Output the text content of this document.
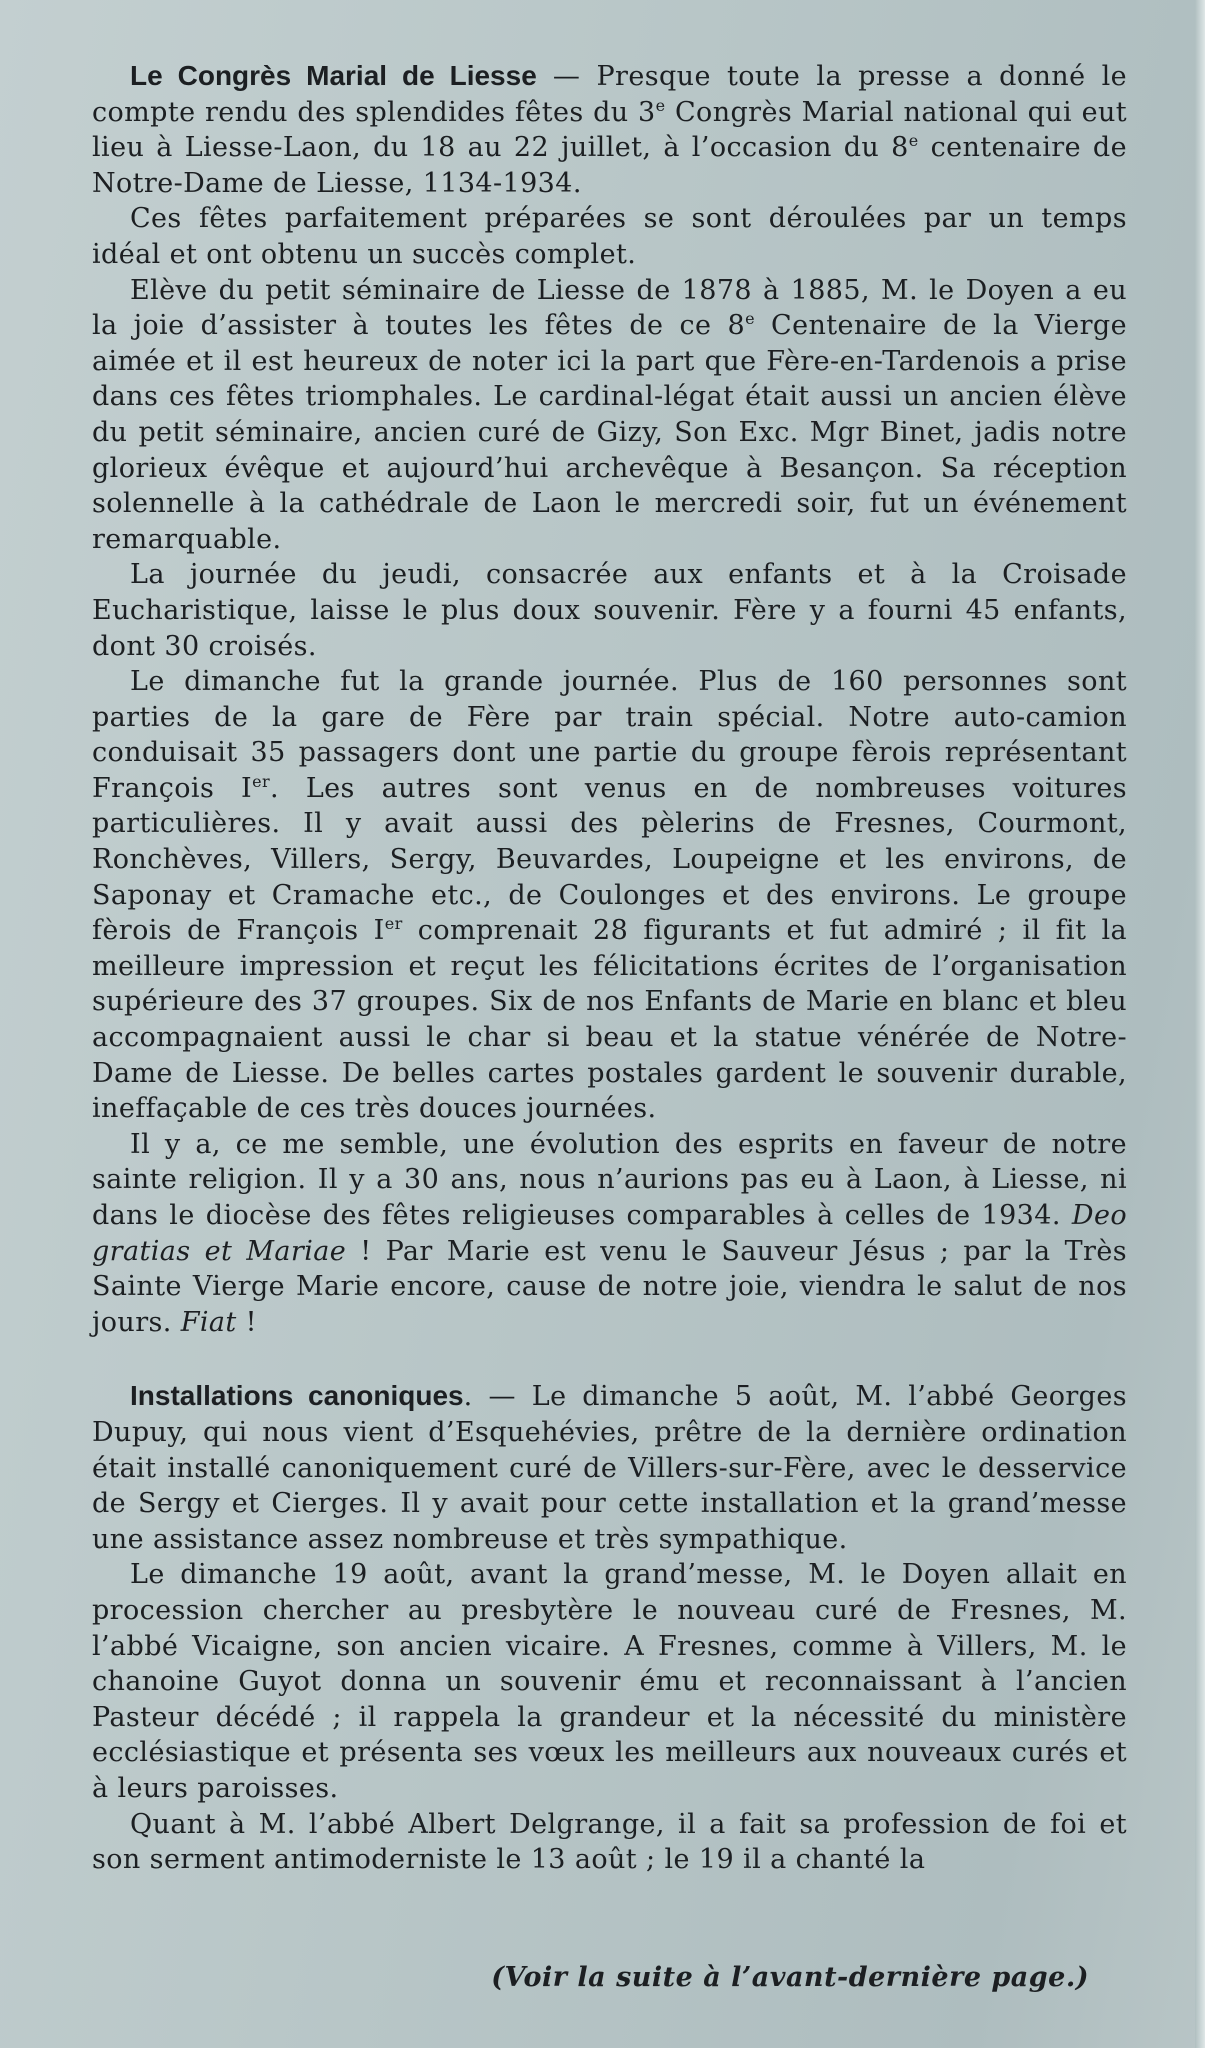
Le Congrès Marial de Liesse — Presque toute la presse a donné le compte rendu des splendides fêtes du 3e Congrès Marial national qui eut lieu à Liesse-Laon, du 18 au 22 juillet, à l’occasion du 8e centenaire de Notre-Dame de Liesse, 1134-1934.

Ces fêtes parfaitement préparées se sont déroulées par un temps idéal et ont obtenu un succès complet.

Elève du petit séminaire de Liesse de 1878 à 1885, M. le Doyen a eu la joie d’assister à toutes les fêtes de ce 8e Centenaire de la Vierge aimée et il est heureux de noter ici la part que Fère-en-Tardenois a prise dans ces fêtes triomphales. Le cardinal-légat était aussi un ancien élève du petit séminaire, ancien curé de Gizy, Son Exc. Mgr Binet, jadis notre glorieux évêque et aujourd’hui archevêque à Besançon. Sa réception solennelle à la cathédrale de Laon le mercredi soir, fut un événement remarquable.

La journée du jeudi, consacrée aux enfants et à la Croisade Eucharistique, laisse le plus doux souvenir. Fère y a fourni 45 enfants, dont 30 croisés.

Le dimanche fut la grande journée. Plus de 160 personnes sont parties de la gare de Fère par train spécial. Notre auto-camion conduisait 35 passagers dont une partie du groupe fèrois représentant François Ier. Les autres sont venus en de nombreuses voitures particulières. Il y avait aussi des pèlerins de Fresnes, Courmont, Ronchèves, Villers, Sergy, Beuvardes, Loupeigne et les environs, de Saponay et Cramache etc., de Coulonges et des environs. Le groupe fèrois de François Ier comprenait 28 figurants et fut admiré ; il fit la meilleure impression et reçut les félicitations écrites de l’organisation supérieure des 37 groupes. Six de nos Enfants de Marie en blanc et bleu accompagnaient aussi le char si beau et la statue vénérée de Notre-Dame de Liesse. De belles cartes postales gardent le souvenir durable, ineffaçable de ces très douces journées.

Il y a, ce me semble, une évolution des esprits en faveur de notre sainte religion. Il y a 30 ans, nous n’aurions pas eu à Laon, à Liesse, ni dans le diocèse des fêtes religieuses comparables à celles de 1934. Deo gratias et Mariae ! Par Marie est venu le Sauveur Jésus ; par la Très Sainte Vierge Marie encore, cause de notre joie, viendra le salut de nos jours. Fiat !

Installations canoniques. — Le dimanche 5 août, M. l’abbé Georges Dupuy, qui nous vient d’Esquehévies, prêtre de la dernière ordination était installé canoniquement curé de Villers-sur-Fère, avec le desservice de Sergy et Cierges. Il y avait pour cette installation et la grand’messe une assistance assez nombreuse et très sympathique.

Le dimanche 19 août, avant la grand’messe, M. le Doyen allait en procession chercher au presbytère le nouveau curé de Fresnes, M. l’abbé Vicaigne, son ancien vicaire. A Fresnes, comme à Villers, M. le chanoine Guyot donna un souvenir ému et reconnaissant à l’ancien Pasteur décédé ; il rappela la grandeur et la nécessité du ministère ecclésiastique et présenta ses vœux les meilleurs aux nouveaux curés et à leurs paroisses.

Quant à M. l’abbé Albert Delgrange, il a fait sa profession de foi et son serment antimoderniste le 13 août ; le 19 il a chanté la

(Voir la suite à l’avant-dernière page.)
